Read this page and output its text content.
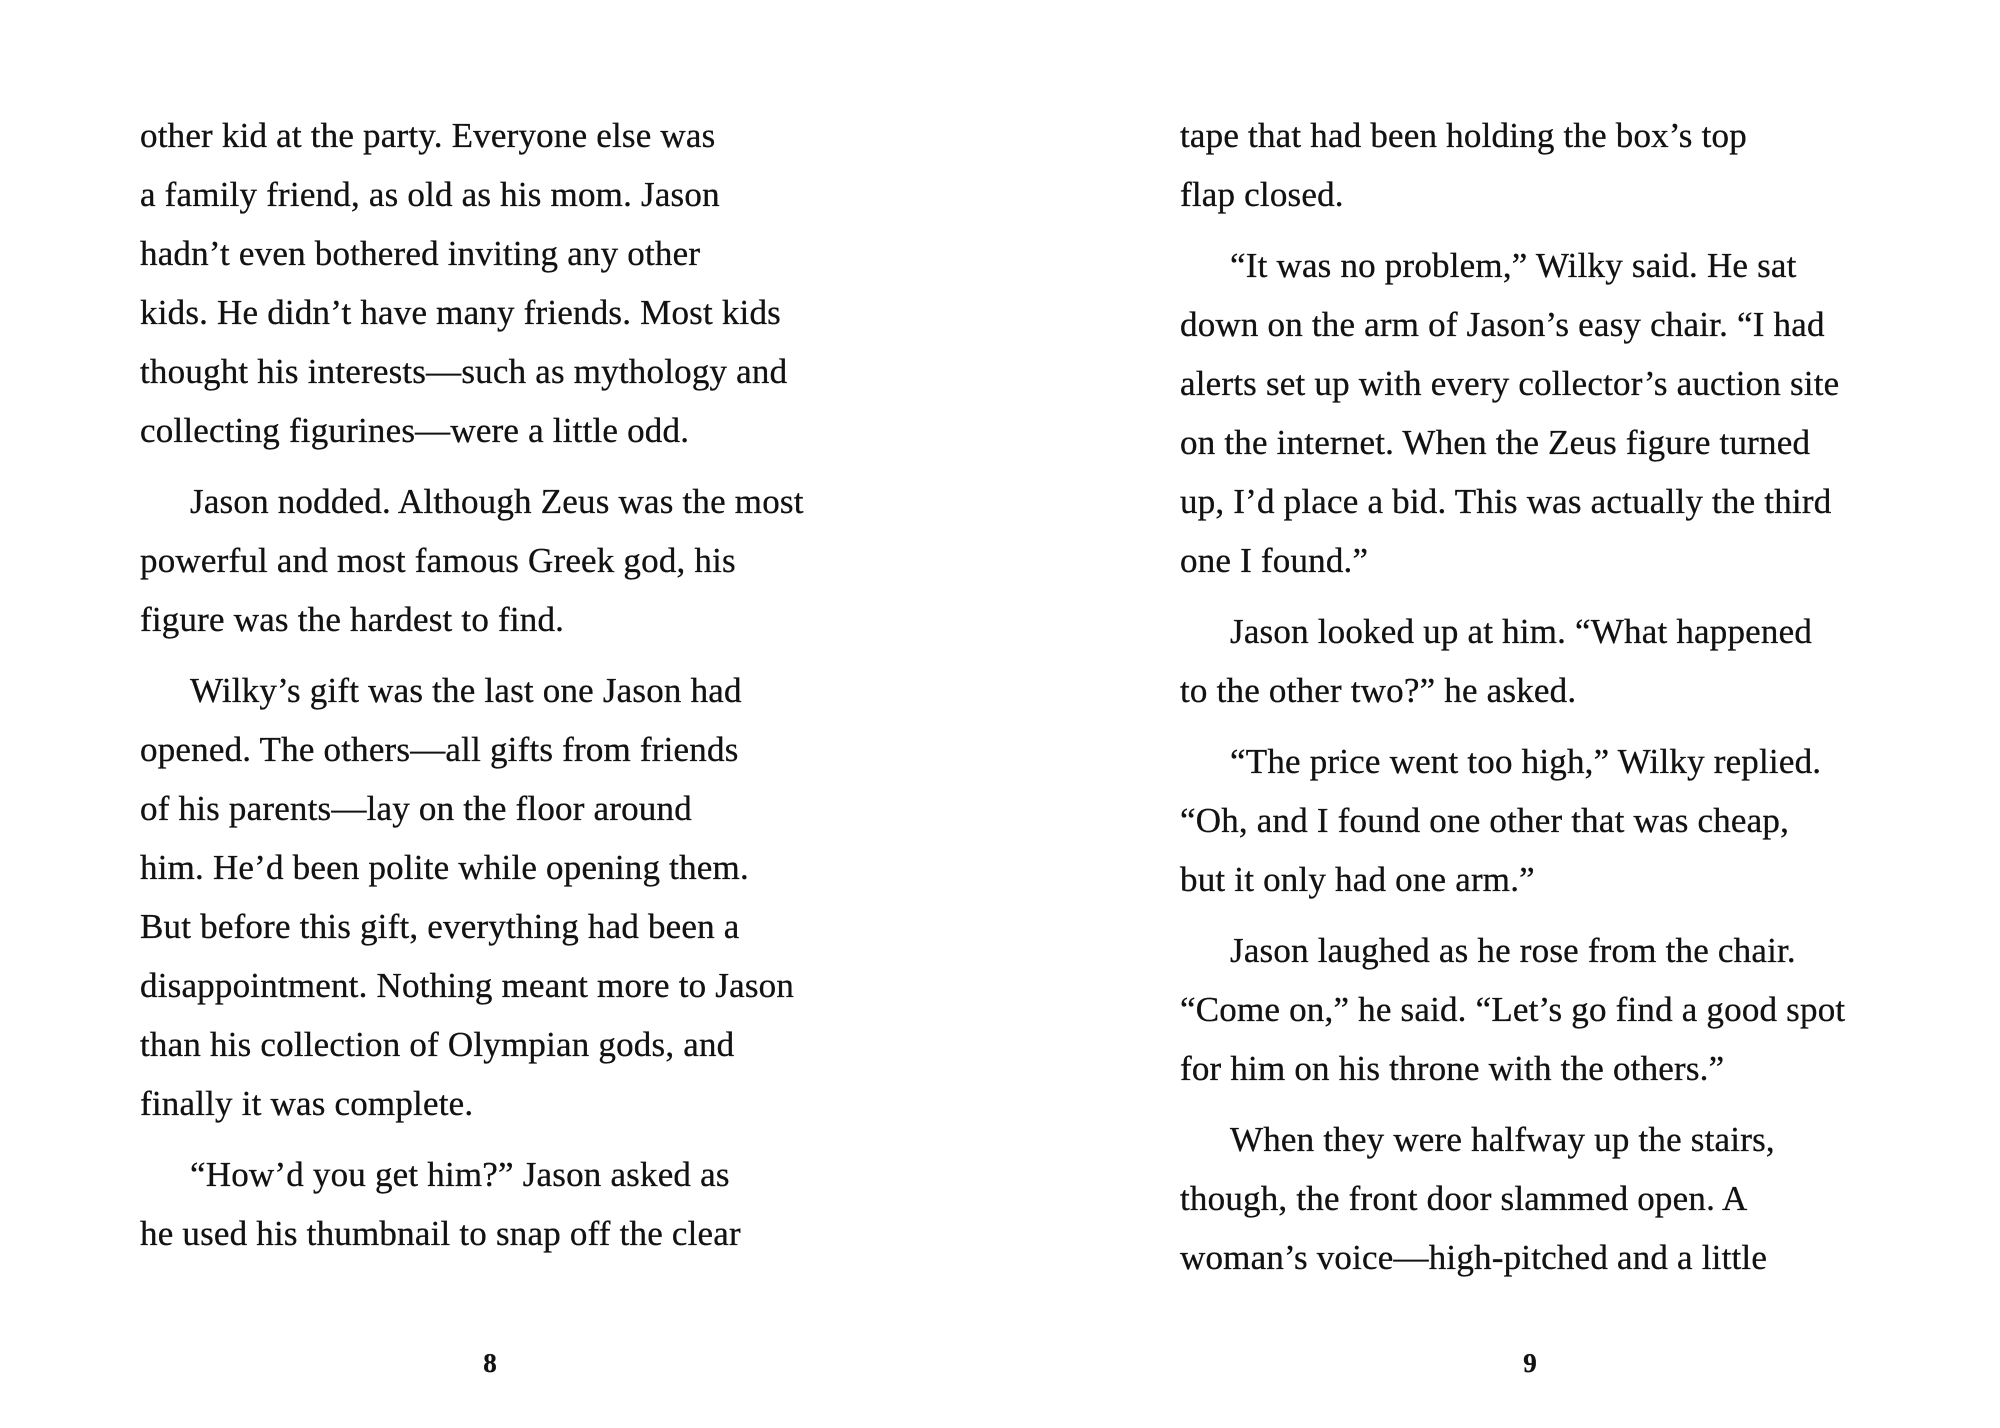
other kid at the party. Everyone else was
a family friend, as old as his mom. Jason
hadn’t even bothered inviting any other
kids. He didn’t have many friends. Most kids
thought his interests—such as mythology and
collecting figurines—were a little odd.
Jason nodded. Although Zeus was the most
powerful and most famous Greek god, his
figure was the hardest to find.
Wilky’s gift was the last one Jason had
opened. The others—all gifts from friends
of his parents—lay on the floor around
him. He’d been polite while opening them.
But before this gift, everything had been a
disappointment. Nothing meant more to Jason
than his collection of Olympian gods, and
finally it was complete.
“How’d you get him?” Jason asked as
he used his thumbnail to snap off the clear
8
tape that had been holding the box’s top
flap closed.
“It was no problem,” Wilky said. He sat
down on the arm of Jason’s easy chair. “I had
alerts set up with every collector’s auction site
on the internet. When the Zeus figure turned
up, I’d place a bid. This was actually the third
one I found.”
Jason looked up at him. “What happened
to the other two?” he asked.
“The price went too high,” Wilky replied.
“Oh, and I found one other that was cheap,
but it only had one arm.”
Jason laughed as he rose from the chair.
“Come on,” he said. “Let’s go find a good spot
for him on his throne with the others.”
When they were halfway up the stairs,
though, the front door slammed open. A
woman’s voice—high-pitched and a little
9
